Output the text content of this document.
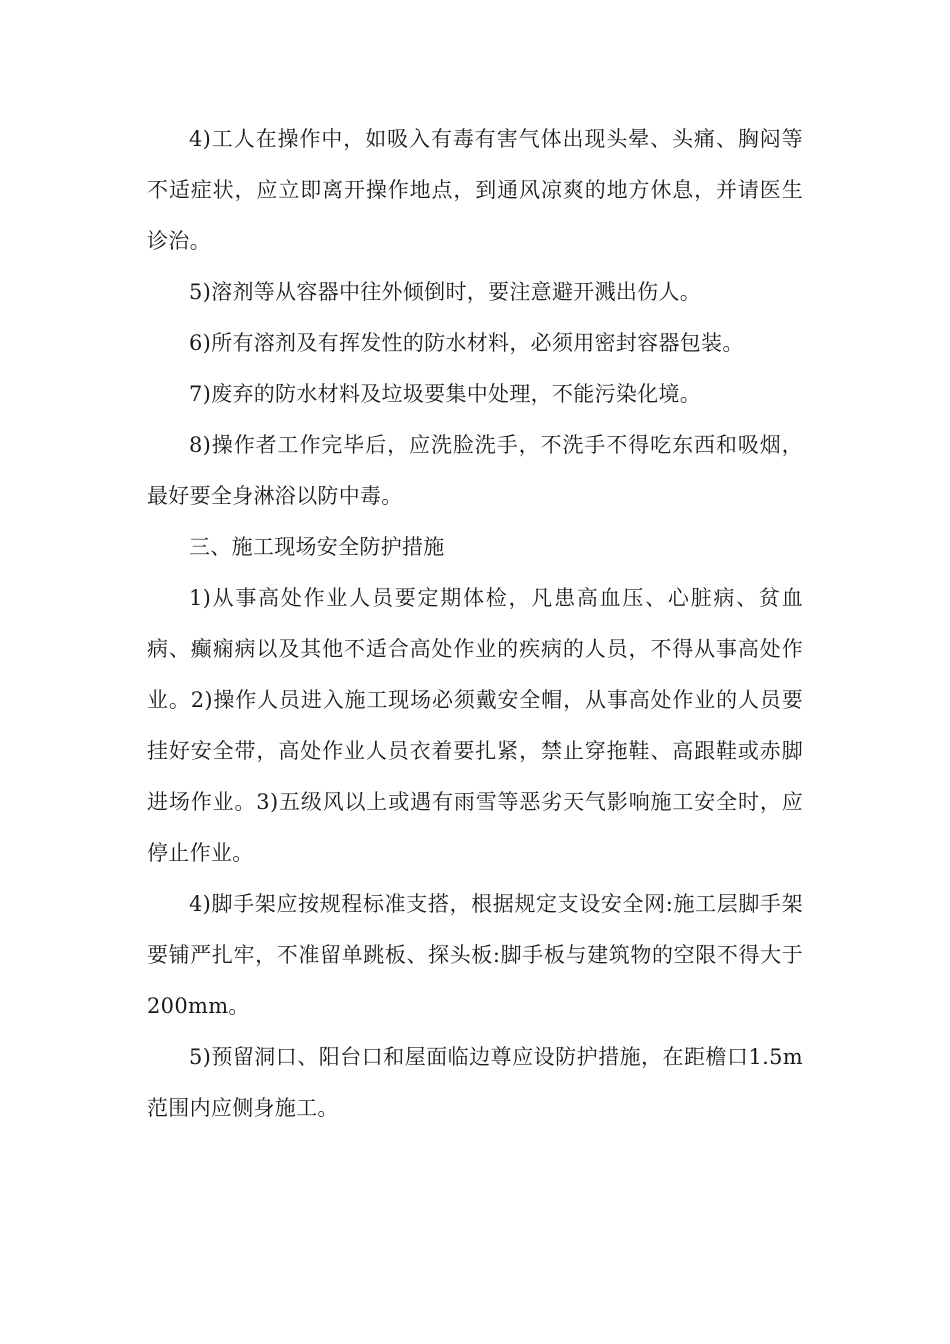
4)工人在操作中，如吸入有毒有害气体出现头晕、头痛、胸闷等不适症状，应立即离开操作地点，到通风凉爽的地方休息，并请医生诊治。

5)溶剂等从容器中往外倾倒时，要注意避开溅出伤人。

6)所有溶剂及有挥发性的防水材料，必须用密封容器包装。

7)废弃的防水材料及垃圾要集中处理，不能污染化境。

8)操作者工作完毕后，应洗脸洗手，不洗手不得吃东西和吸烟，最好要全身淋浴以防中毒。

三、施工现场安全防护措施

1)从事高处作业人员要定期体检，凡患高血压、心脏病、贫血病、癫痫病以及其他不适合高处作业的疾病的人员，不得从事高处作业。2)操作人员进入施工现场必须戴安全帽，从事高处作业的人员要挂好安全带，高处作业人员衣着要扎紧，禁止穿拖鞋、高跟鞋或赤脚进场作业。3)五级风以上或遇有雨雪等恶劣天气影响施工安全时，应停止作业。

4)脚手架应按规程标准支搭，根据规定支设安全网:施工层脚手架要铺严扎牢，不准留单跳板、探头板:脚手板与建筑物的空限不得大于200mm。

5)预留洞口、阳台口和屋面临边尊应设防护措施，在距檐口1.5m范围内应侧身施工。
